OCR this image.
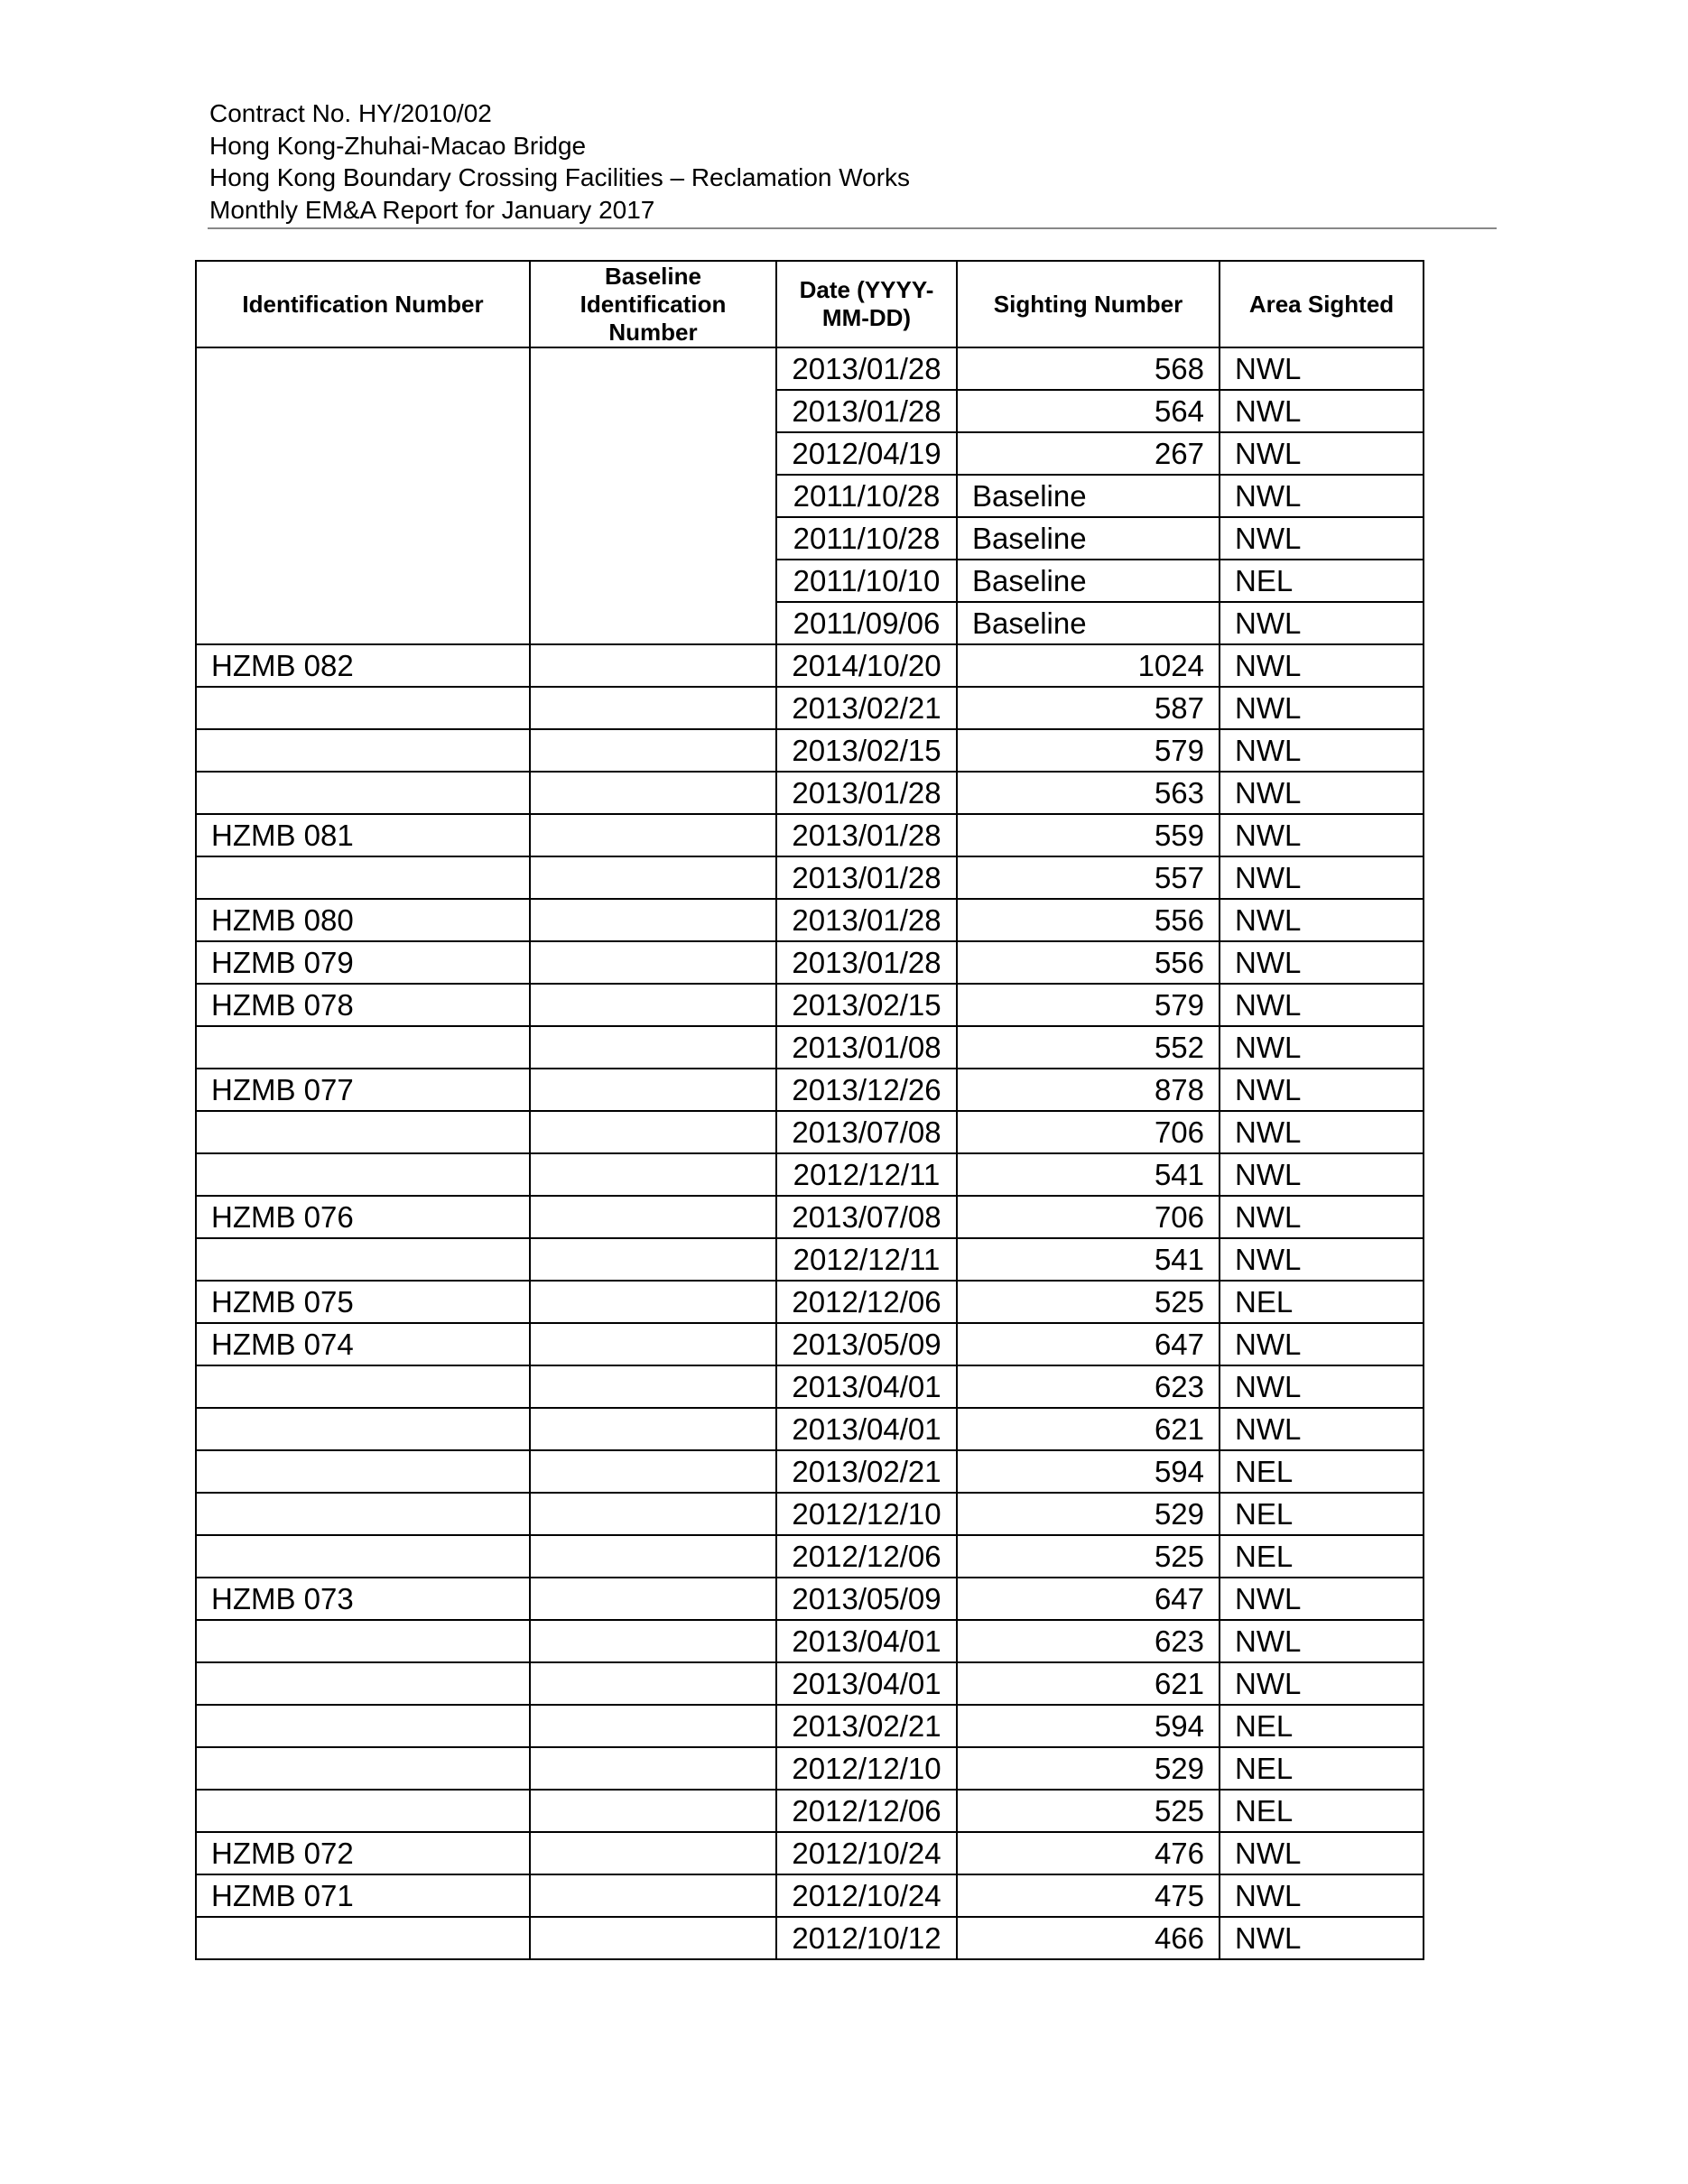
Contract No. HY/2010/02
Hong Kong-Zhuhai-Macao Bridge
Hong Kong Boundary Crossing Facilities – Reclamation Works
Monthly EM&A Report for January 2017
Identification Number	Baseline Identification Number	Date (YYYY-MM-DD)	Sighting Number	Area Sighted
		2013/01/28	568	NWL
		2013/01/28	564	NWL
		2012/04/19	267	NWL
		2011/10/28	Baseline	NWL
		2011/10/28	Baseline	NWL
		2011/10/10	Baseline	NEL
		2011/09/06	Baseline	NWL
HZMB 082		2014/10/20	1024	NWL
		2013/02/21	587	NWL
		2013/02/15	579	NWL
		2013/01/28	563	NWL
HZMB 081		2013/01/28	559	NWL
		2013/01/28	557	NWL
HZMB 080		2013/01/28	556	NWL
HZMB 079		2013/01/28	556	NWL
HZMB 078		2013/02/15	579	NWL
		2013/01/08	552	NWL
HZMB 077		2013/12/26	878	NWL
		2013/07/08	706	NWL
		2012/12/11	541	NWL
HZMB 076		2013/07/08	706	NWL
		2012/12/11	541	NWL
HZMB 075		2012/12/06	525	NEL
HZMB 074		2013/05/09	647	NWL
		2013/04/01	623	NWL
		2013/04/01	621	NWL
		2013/02/21	594	NEL
		2012/12/10	529	NEL
		2012/12/06	525	NEL
HZMB 073		2013/05/09	647	NWL
		2013/04/01	623	NWL
		2013/04/01	621	NWL
		2013/02/21	594	NEL
		2012/12/10	529	NEL
		2012/12/06	525	NEL
HZMB 072		2012/10/24	476	NWL
HZMB 071		2012/10/24	475	NWL
		2012/10/12	466	NWL
